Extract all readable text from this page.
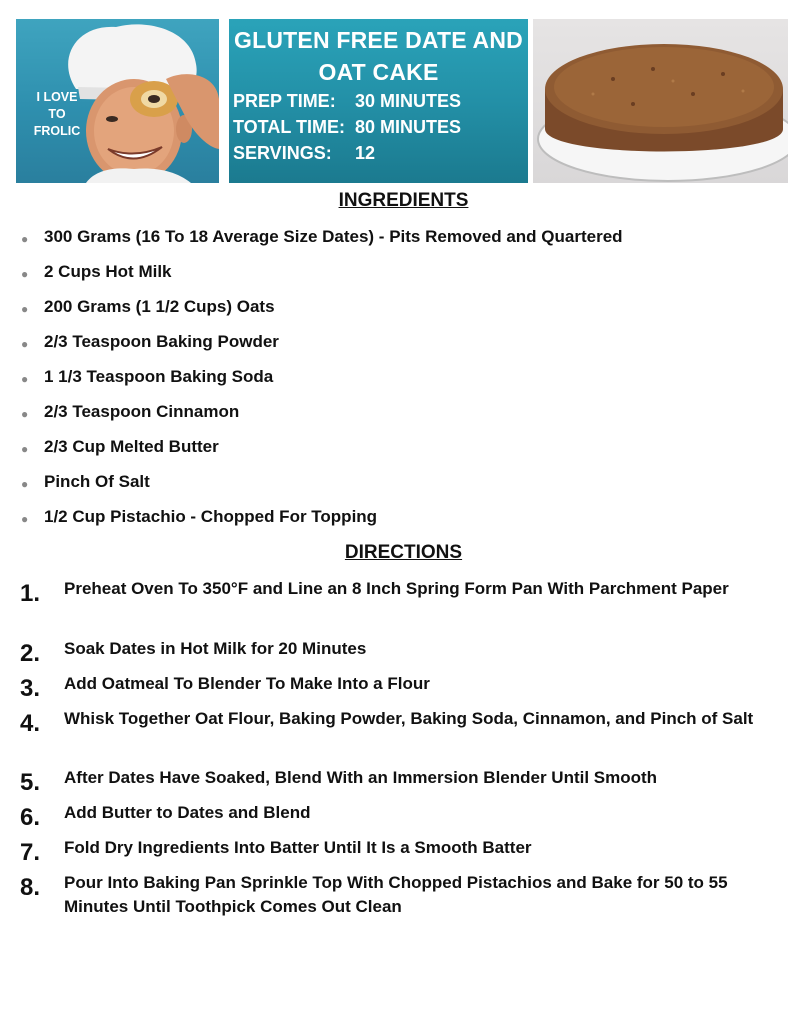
I LOVE
TO
FROLIC
GLUTEN FREE DATE AND OAT CAKE
PREP TIME: 30 MINUTES
TOTAL TIME: 80 MINUTES
SERVINGS: 12
INGREDIENTS
● 300 Grams (16 To 18 Average Size Dates) - Pits Removed and Quartered
● 2 Cups Hot Milk
● 200 Grams (1 1/2 Cups) Oats
● 2/3 Teaspoon Baking Powder
● 1 1/3 Teaspoon Baking Soda
● 2/3 Teaspoon Cinnamon
● 2/3 Cup Melted Butter
● Pinch Of Salt
● 1/2 Cup Pistachio - Chopped For Topping
DIRECTIONS
1. Preheat Oven To 350°F and Line an 8 Inch Spring Form Pan With Parchment Paper
2. Soak Dates in Hot Milk for 20 Minutes
3. Add Oatmeal To Blender To Make Into a Flour
4. Whisk Together Oat Flour, Baking Powder, Baking Soda, Cinnamon, and Pinch of Salt
5. After Dates Have Soaked, Blend With an Immersion Blender Until Smooth
6. Add Butter to Dates and Blend
7. Fold Dry Ingredients Into Batter Until It Is a Smooth Batter
8. Pour Into Baking Pan Sprinkle Top With Chopped Pistachios and Bake for 50 to 55 Minutes Until Toothpick Comes Out Clean
